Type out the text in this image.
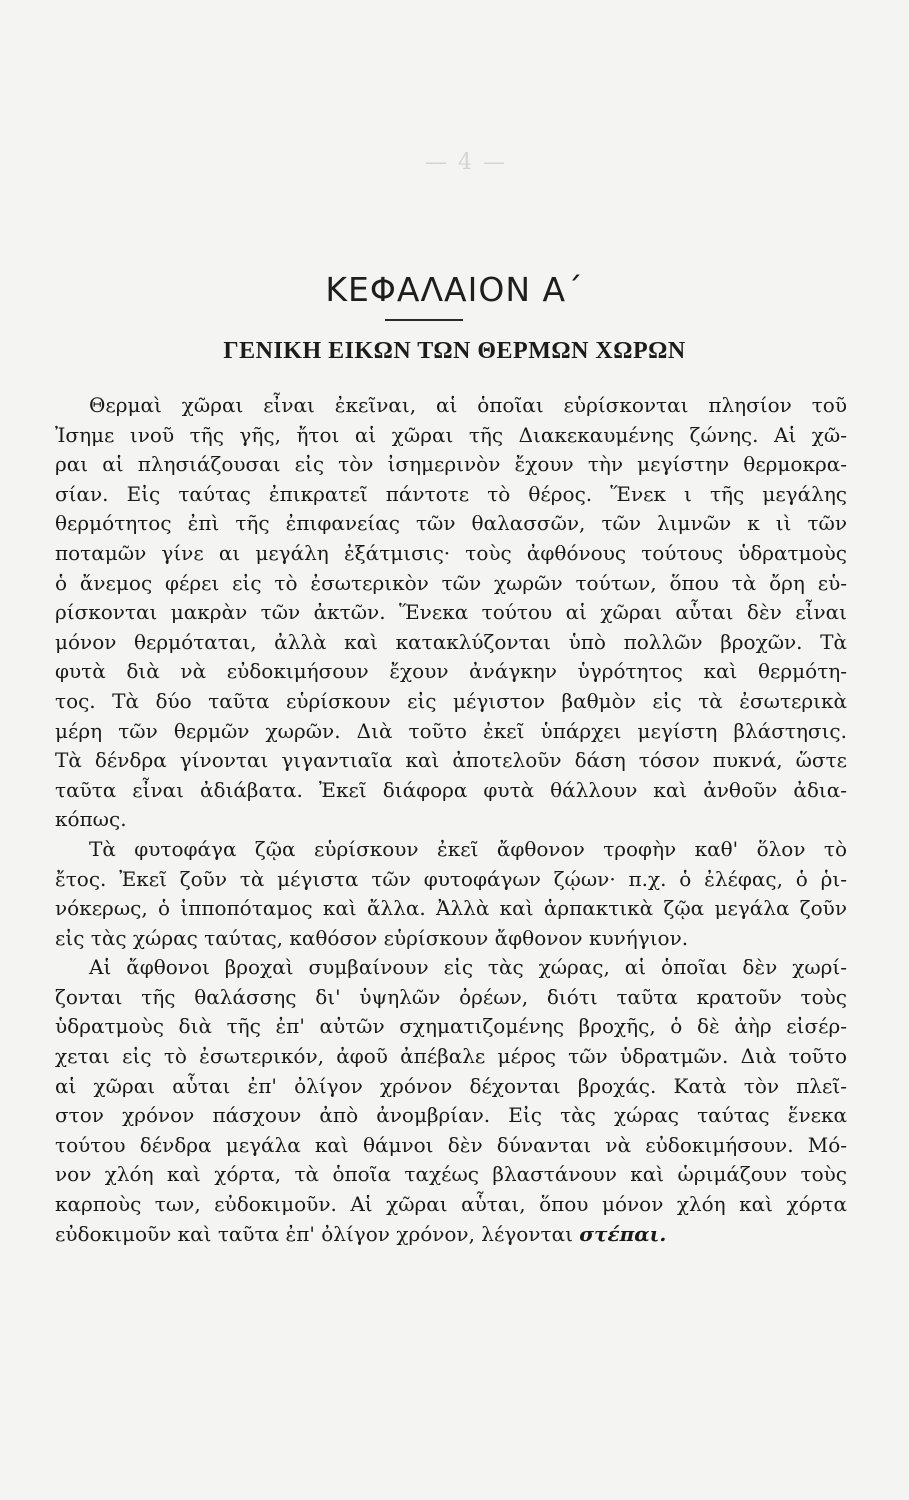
— 4 —
ΚΕΦΑΛΑΙΟΝ Α΄
ΓΕΝΙΚΗ ΕΙΚΩΝ ΤΩΝ ΘΕΡΜΩΝ ΧΩΡΩΝ
Θερμαὶ χῶραι εἶναι ἐκεῖναι, αἱ ὁποῖαι εὑρίσκονται πλησίον τοῦ
Ἰσημε ινοῦ τῆς γῆς, ἤτοι αἱ χῶραι τῆς Διακεκαυμένης ζώνης. Αἱ χῶ-
ραι αἱ πλησιάζουσαι εἰς τὸν ἰσημερινὸν ἔχουν τὴν μεγίστην θερμοκρα-
σίαν. Εἰς ταύτας ἐπικρατεῖ πάντοτε τὸ θέρος. Ἕνεκ ι τῆς μεγάλης
θερμότητος ἐπὶ τῆς ἐπιφανείας τῶν θαλασσῶν, τῶν λιμνῶν κ ιὶ τῶν
ποταμῶν γίνε αι μεγάλη ἐξάτμισις· τοὺς ἀφθόνους τούτους ὑδρατμοὺς
ὁ ἄνεμος φέρει εἰς τὸ ἐσωτερικὸν τῶν χωρῶν τούτων, ὅπου τὰ ὄρη εὑ-
ρίσκονται μακρὰν τῶν ἀκτῶν. Ἕνεκα τούτου αἱ χῶραι αὗται δὲν εἶναι
μόνον θερμόταται, ἀλλὰ καὶ κατακλύζονται ὑπὸ πολλῶν βροχῶν. Τὰ
φυτὰ διὰ νὰ εὐδοκιμήσουν ἔχουν ἀνάγκην ὑγρότητος καὶ θερμότη-
τος. Τὰ δύο ταῦτα εὑρίσκουν εἰς μέγιστον βαθμὸν εἰς τὰ ἐσωτερικὰ
μέρη τῶν θερμῶν χωρῶν. Διὰ τοῦτο ἐκεῖ ὑπάρχει μεγίστη βλάστησις.
Τὰ δένδρα γίνονται γιγαντιαῖα καὶ ἀποτελοῦν δάση τόσον πυκνά, ὥστε
ταῦτα εἶναι ἀδιάβατα. Ἐκεῖ διάφορα φυτὰ θάλλουν καὶ ἀνθοῦν ἀδια-
κόπως.
Τὰ φυτοφάγα ζῷα εὑρίσκουν ἐκεῖ ἄφθονον τροφὴν καθ' ὅλον τὸ
ἔτος. Ἐκεῖ ζοῦν τὰ μέγιστα τῶν φυτοφάγων ζῴων· π.χ. ὁ ἐλέφας, ὁ ῥι-
νόκερως, ὁ ἱπποπόταμος καὶ ἄλλα. Ἀλλὰ καὶ ἁρπακτικὰ ζῷα μεγάλα ζοῦν
εἰς τὰς χώρας ταύτας, καθόσον εὑρίσκουν ἄφθονον κυνήγιον.
Αἱ ἄφθονοι βροχαὶ συμβαίνουν εἰς τὰς χώρας, αἱ ὁποῖαι δὲν χωρί-
ζονται τῆς θαλάσσης δι' ὑψηλῶν ὀρέων, διότι ταῦτα κρατοῦν τοὺς
ὑδρατμοὺς διὰ τῆς ἐπ' αὐτῶν σχηματιζομένης βροχῆς, ὁ δὲ ἀὴρ εἰσέρ-
χεται εἰς τὸ ἐσωτερικόν, ἀφοῦ ἀπέβαλε μέρος τῶν ὑδρατμῶν. Διὰ τοῦτο
αἱ χῶραι αὗται ἐπ' ὀλίγον χρόνον δέχονται βροχάς. Κατὰ τὸν πλεῖ-
στον χρόνον πάσχουν ἀπὸ ἀνομβρίαν. Εἰς τὰς χώρας ταύτας ἕνεκα
τούτου δένδρα μεγάλα καὶ θάμνοι δὲν δύνανται νὰ εὐδοκιμήσουν. Μό-
νον χλόη καὶ χόρτα, τὰ ὁποῖα ταχέως βλαστάνουν καὶ ὡριμάζουν τοὺς
καρποὺς των, εὐδοκιμοῦν. Αἱ χῶραι αὗται, ὅπου μόνον χλόη καὶ χόρτα
εὐδοκιμοῦν καὶ ταῦτα ἐπ' ὀλίγον χρόνον, λέγονται στέπαι.
